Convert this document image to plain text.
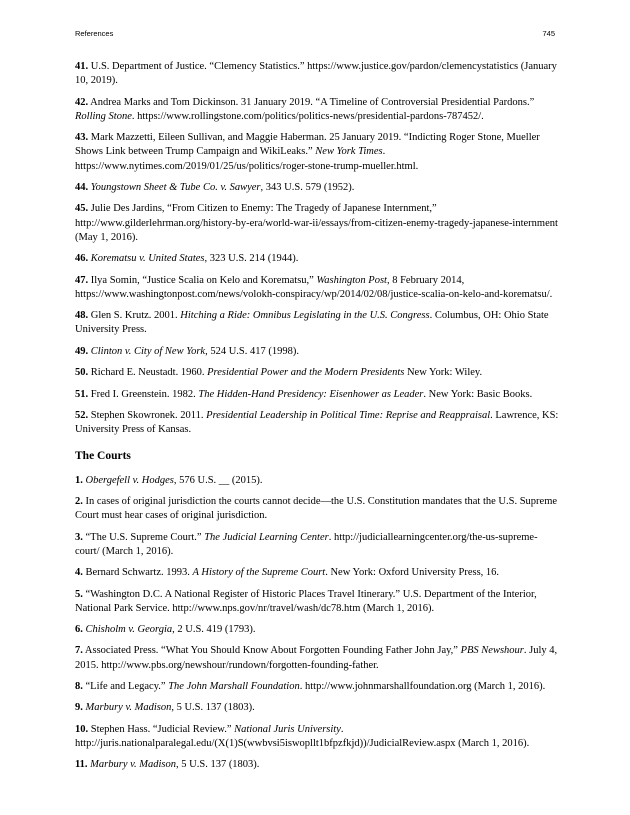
References	745

41. U.S. Department of Justice. “Clemency Statistics.” https://www.justice.gov/pardon/clemencystatistics (January 10, 2019).

42. Andrea Marks and Tom Dickinson. 31 January 2019. “A Timeline of Controversial Presidential Pardons.” Rolling Stone. https://www.rollingstone.com/politics/politics-news/presidential-pardons-787452/.

43. Mark Mazzetti, Eileen Sullivan, and Maggie Haberman. 25 January 2019. “Indicting Roger Stone, Mueller Shows Link between Trump Campaign and WikiLeaks.” New York Times. https://www.nytimes.com/2019/01/25/us/politics/roger-stone-trump-mueller.html.

44. Youngstown Sheet & Tube Co. v. Sawyer, 343 U.S. 579 (1952).

45. Julie Des Jardins, “From Citizen to Enemy: The Tragedy of Japanese Internment,” http://www.gilderlehrman.org/history-by-era/world-war-ii/essays/from-citizen-enemy-tragedy-japanese-internment (May 1, 2016).

46. Korematsu v. United States, 323 U.S. 214 (1944).

47. Ilya Somin, “Justice Scalia on Kelo and Korematsu,” Washington Post, 8 February 2014, https://www.washingtonpost.com/news/volokh-conspiracy/wp/2014/02/08/justice-scalia-on-kelo-and-korematsu/.

48. Glen S. Krutz. 2001. Hitching a Ride: Omnibus Legislating in the U.S. Congress. Columbus, OH: Ohio State University Press.

49. Clinton v. City of New York, 524 U.S. 417 (1998).

50. Richard E. Neustadt. 1960. Presidential Power and the Modern Presidents New York: Wiley.

51. Fred I. Greenstein. 1982. The Hidden-Hand Presidency: Eisenhower as Leader. New York: Basic Books.

52. Stephen Skowronek. 2011. Presidential Leadership in Political Time: Reprise and Reappraisal. Lawrence, KS: University Press of Kansas.

The Courts

1. Obergefell v. Hodges, 576 U.S. __ (2015).

2. In cases of original jurisdiction the courts cannot decide—the U.S. Constitution mandates that the U.S. Supreme Court must hear cases of original jurisdiction.

3. “The U.S. Supreme Court.” The Judicial Learning Center. http://judiciallearningcenter.org/the-us-supreme-court/ (March 1, 2016).

4. Bernard Schwartz. 1993. A History of the Supreme Court. New York: Oxford University Press, 16.

5. “Washington D.C. A National Register of Historic Places Travel Itinerary.” U.S. Department of the Interior, National Park Service. http://www.nps.gov/nr/travel/wash/dc78.htm (March 1, 2016).

6. Chisholm v. Georgia, 2 U.S. 419 (1793).

7. Associated Press. “What You Should Know About Forgotten Founding Father John Jay,” PBS Newshour. July 4, 2015. http://www.pbs.org/newshour/rundown/forgotten-founding-father.

8. “Life and Legacy.” The John Marshall Foundation. http://www.johnmarshallfoundation.org (March 1, 2016).

9. Marbury v. Madison, 5 U.S. 137 (1803).

10. Stephen Hass. “Judicial Review.” National Juris University. http://juris.nationalparalegal.edu/(X(1)S(wwbvsi5iswopllt1bfpzfkjd))/JudicialReview.aspx (March 1, 2016).

11. Marbury v. Madison, 5 U.S. 137 (1803).
